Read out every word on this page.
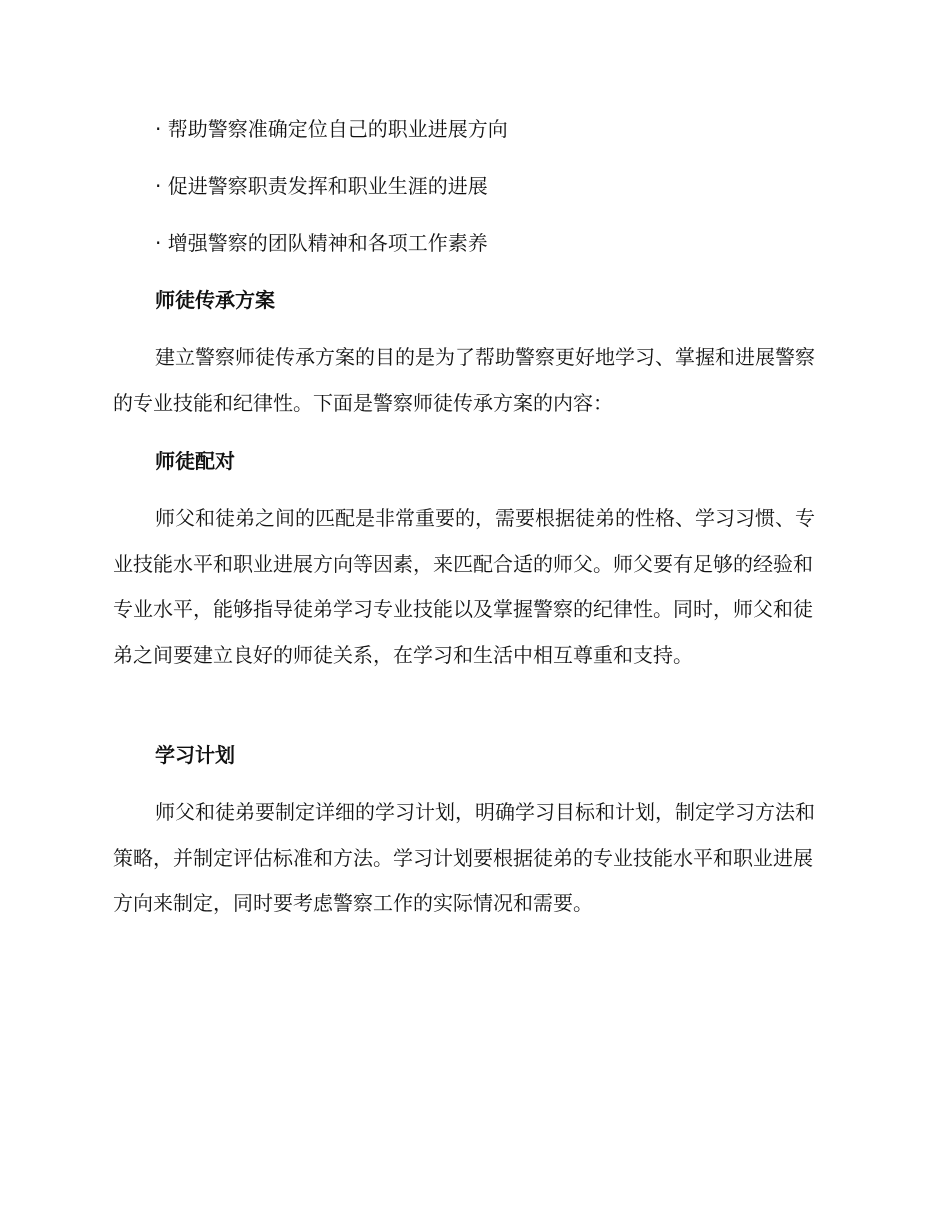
· 帮助警察准确定位自己的职业进展方向

· 促进警察职责发挥和职业生涯的进展

· 增强警察的团队精神和各项工作素养

师徒传承方案

建立警察师徒传承方案的目的是为了帮助警察更好地学习、掌握和进展警察的专业技能和纪律性。下面是警察师徒传承方案的内容：

师徒配对

师父和徒弟之间的匹配是非常重要的，需要根据徒弟的性格、学习习惯、专业技能水平和职业进展方向等因素，来匹配合适的师父。师父要有足够的经验和专业水平，能够指导徒弟学习专业技能以及掌握警察的纪律性。同时，师父和徒弟之间要建立良好的师徒关系，在学习和生活中相互尊重和支持。

学习计划

师父和徒弟要制定详细的学习计划，明确学习目标和计划，制定学习方法和策略，并制定评估标准和方法。学习计划要根据徒弟的专业技能水平和职业进展方向来制定，同时要考虑警察工作的实际情况和需要。
